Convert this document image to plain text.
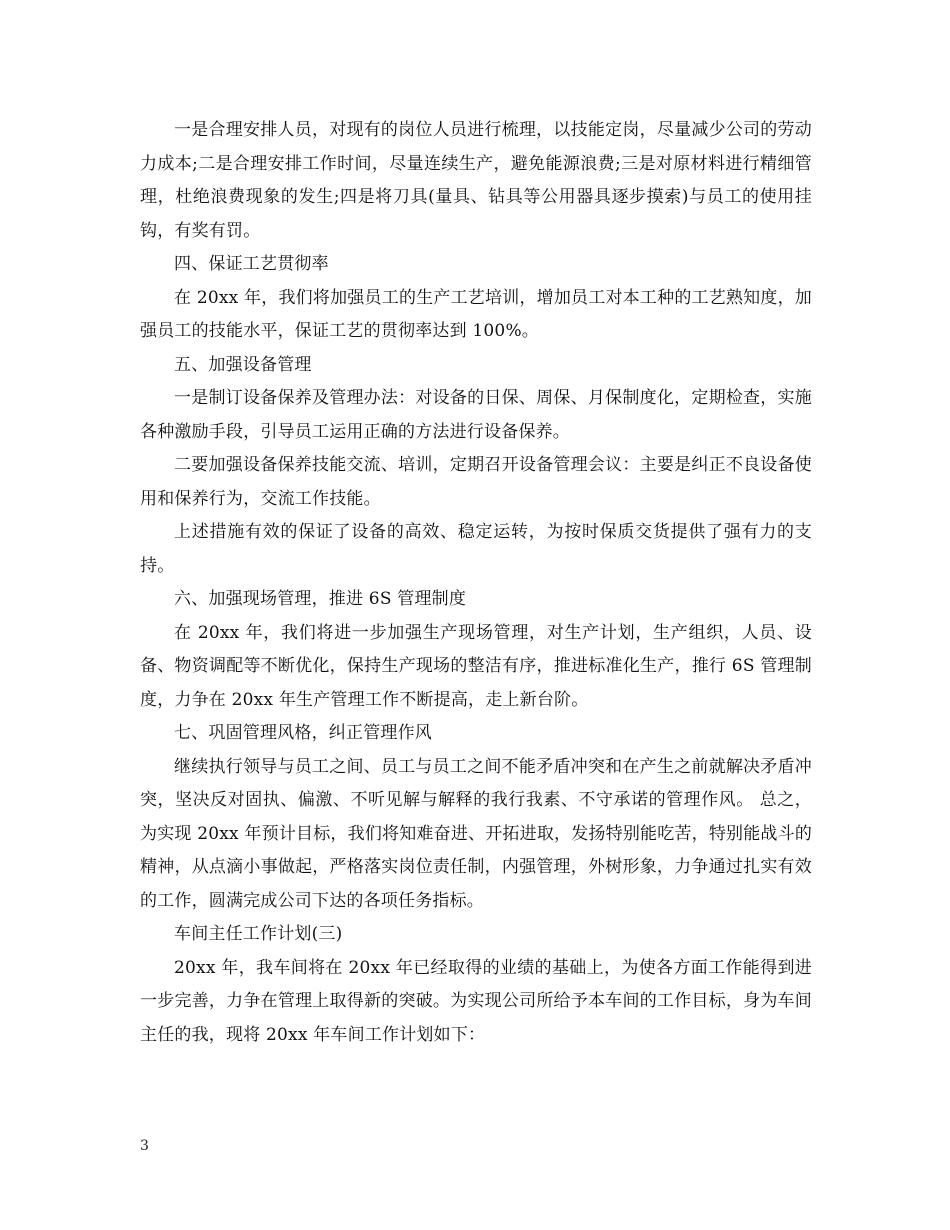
一是合理安排人员，对现有的岗位人员进行梳理，以技能定岗，尽量减少公司的劳动力成本;二是合理安排工作时间，尽量连续生产，避免能源浪费;三是对原材料进行精细管理，杜绝浪费现象的发生;四是将刀具(量具、钻具等公用器具逐步摸索)与员工的使用挂钩，有奖有罚。

四、保证工艺贯彻率

在 20xx 年，我们将加强员工的生产工艺培训，增加员工对本工种的工艺熟知度，加强员工的技能水平，保证工艺的贯彻率达到 100%。

五、加强设备管理

一是制订设备保养及管理办法：对设备的日保、周保、月保制度化，定期检查，实施各种激励手段，引导员工运用正确的方法进行设备保养。

二要加强设备保养技能交流、培训，定期召开设备管理会议：主要是纠正不良设备使用和保养行为，交流工作技能。

上述措施有效的保证了设备的高效、稳定运转，为按时保质交货提供了强有力的支持。

六、加强现场管理，推进 6S 管理制度

在 20xx 年，我们将进一步加强生产现场管理，对生产计划，生产组织，人员、设备、物资调配等不断优化，保持生产现场的整洁有序，推进标准化生产，推行 6S 管理制度，力争在 20xx 年生产管理工作不断提高，走上新台阶。

七、巩固管理风格，纠正管理作风

继续执行领导与员工之间、员工与员工之间不能矛盾冲突和在产生之前就解决矛盾冲突，坚决反对固执、偏激、不听见解与解释的我行我素、不守承诺的管理作风。 总之，为实现 20xx 年预计目标，我们将知难奋进、开拓进取，发扬特别能吃苦，特别能战斗的精神，从点滴小事做起，严格落实岗位责任制，内强管理，外树形象，力争通过扎实有效的工作，圆满完成公司下达的各项任务指标。

车间主任工作计划(三)

20xx 年，我车间将在 20xx 年已经取得的业绩的基础上，为使各方面工作能得到进一步完善，力争在管理上取得新的突破。为实现公司所给予本车间的工作目标，身为车间主任的我，现将 20xx 年车间工作计划如下：

3
